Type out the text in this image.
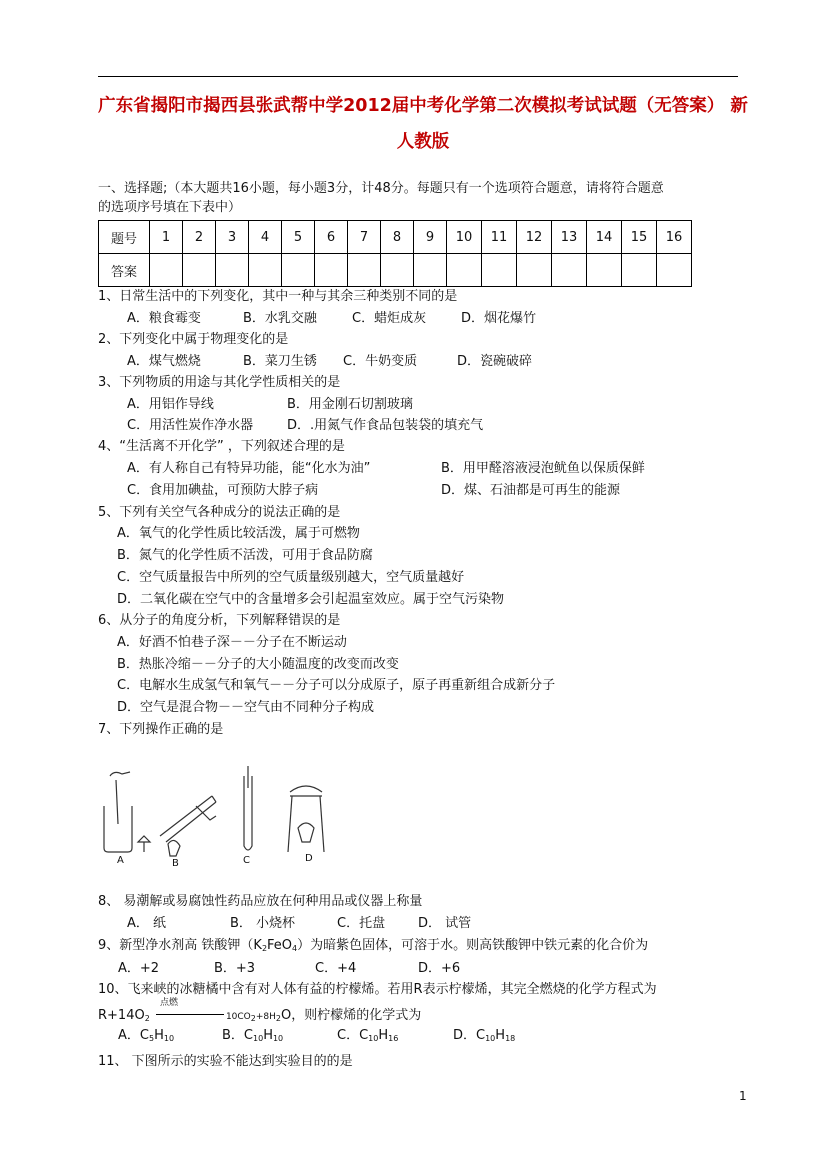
广东省揭阳市揭西县张武帮中学2012届中考化学第二次模拟考试试题（无答案） 新人教版
一、选择题;（本大题共16小题，每小题3分，计48分。每题只有一个选项符合题意，请将符合题意
的选项序号填在下表中）
题号	1	2	3	4	5	6	7	8	9	10	11	12	13	14	15	16
答案																
1、日常生活中的下列变化，其中一种与其余三种类别不同的是
A．粮食霉变	B．水乳交融	C．蜡炬成灰	D．烟花爆竹
2、下列变化中属于物理变化的是
A．煤气燃烧	B．菜刀生锈 C．牛奶变质	D．瓷碗破碎
3、下列物质的用途与其化学性质相关的是
A．用铝作导线	B．用金刚石切割玻璃
C．用活性炭作净水器	D．.用氮气作食品包装袋的填充气
4、“生活离不开化学” ，下列叙述合理的是
A．有人称自己有特异功能，能“化水为油”	B．用甲醛溶液浸泡鱿鱼以保质保鲜
C．食用加碘盐，可预防大脖子病	D．煤、石油都是可再生的能源
5、下列有关空气各种成分的说法正确的是
A．氧气的化学性质比较活泼，属于可燃物
B．氮气的化学性质不活泼，可用于食品防腐
C．空气质量报告中所列的空气质量级别越大，空气质量越好
D．二氧化碳在空气中的含量增多会引起温室效应。属于空气污染物
6、从分子的角度分析，下列解释错误的是
A．好酒不怕巷子深－－分子在不断运动
B．热胀冷缩－－分子的大小随温度的改变而改变
C．电解水生成氢气和氧气－－分子可以分成原子，原子再重新组合成新分子
D．空气是混合物－－空气由不同种分子构成
7、下列操作正确的是
A	B	C	D
8、 易潮解或易腐蚀性药品应放在何种用品或仪器上称量
A． 纸	B． 小烧杯	C．托盘	D． 试管
9、新型净水剂高 铁酸钾$(K_2FeO_4)$为暗紫色固体，可溶于水。则高铁酸钾中铁元素的化合价为
A．+2	B．+3	C．+4	D．+6
10、飞来峡的冰糖橘中含有对人体有益的柠檬烯。若用R表示柠檬烯，其完全燃烧的化学方程式为
$R+14O_2$
点燃
$10CO_2+8H_2O$，则柠檬烯的化学式为
A．$C_5H_{10}$	B．$C_{10}H_{10}$	C．$C_{10}H_{16}$	D．$C_{10}H_{18}$
11、 下图所示的实验不能达到实验目的的是
1
